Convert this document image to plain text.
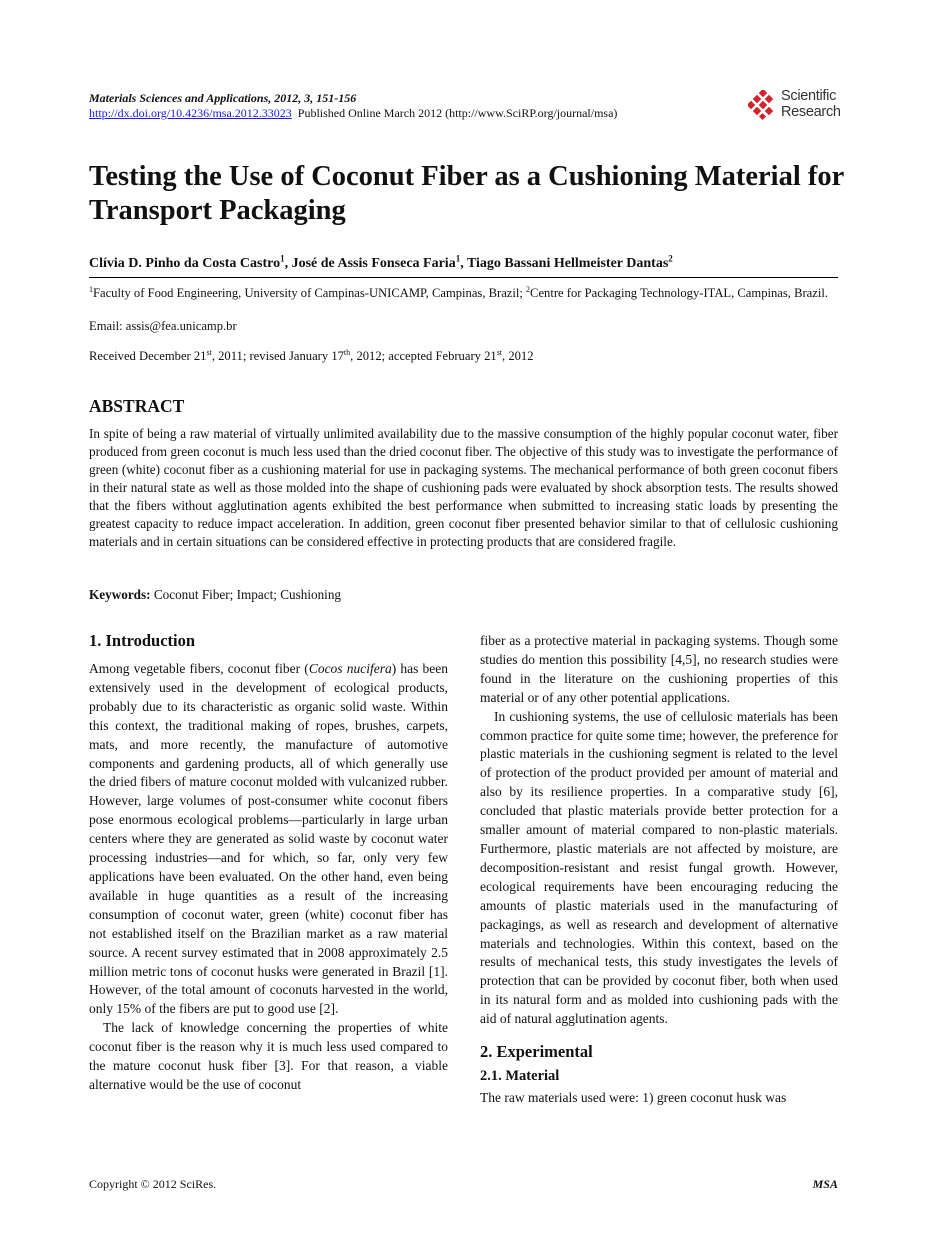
Materials Sciences and Applications, 2012, 3, 151-156
http://dx.doi.org/10.4236/msa.2012.33023 Published Online March 2012 (http://www.SciRP.org/journal/msa)
Scientific
Research
Testing the Use of Coconut Fiber as a Cushioning Material for Transport Packaging
Clívia D. Pinho da Costa Castro$^1$, José de Assis Fonseca Faria$^1$, Tiago Bassani Hellmeister Dantas$^2$
$^1$Faculty of Food Engineering, University of Campinas-UNICAMP, Campinas, Brazil; $^2$Centre for Packaging Technology-ITAL, Campinas, Brazil.
Email: assis@fea.unicamp.br
Received December 21st, 2011; revised January 17th, 2012; accepted February 21st, 2012
ABSTRACT
In spite of being a raw material of virtually unlimited availability due to the massive consumption of the highly popular coconut water, fiber produced from green coconut is much less used than the dried coconut fiber. The objective of this study was to investigate the performance of green (white) coconut fiber as a cushioning material for use in packaging systems. The mechanical performance of both green coconut fibers in their natural state as well as those molded into the shape of cushioning pads were evaluated by shock absorption tests. The results showed that the fibers without agglutination agents exhibited the best performance when submitted to increasing static loads by presenting the greatest capacity to reduce impact acceleration. In addition, green coconut fiber presented behavior similar to that of cellulosic cushioning materials and in certain situations can be considered effective in protecting products that are considered fragile.
Keywords: Coconut Fiber; Impact; Cushioning
1. Introduction

Among vegetable fibers, coconut fiber (Cocos nucifera) has been extensively used in the development of ecological products, probably due to its characteristic as organic solid waste. Within this context, the traditional making of ropes, brushes, carpets, mats, and more recently, the manufacture of automotive components and gardening products, all of which generally use the dried fibers of mature coconut molded with vulcanized rubber. However, large volumes of post-consumer white coconut fibers pose enormous ecological problems—particularly in large urban centers where they are generated as solid waste by coconut water processing industries—and for which, so far, only very few applications have been evaluated. On the other hand, even being available in huge quantities as a result of the increasing consumption of coconut water, green (white) coconut fiber has not established itself on the Brazilian market as a raw material source. A recent survey estimated that in 2008 approximately 2.5 million metric tons of coconut husks were generated in Brazil [1]. However, of the total amount of coconuts harvested in the world, only 15% of the fibers are put to good use [2].

The lack of knowledge concerning the properties of white coconut fiber is the reason why it is much less used compared to the mature coconut husk fiber [3]. For that reason, a viable alternative would be the use of coconut

fiber as a protective material in packaging systems. Though some studies do mention this possibility [4,5], no research studies were found in the literature on the cushioning properties of this material or of any other potential applications.

In cushioning systems, the use of cellulosic materials has been common practice for quite some time; however, the preference for plastic materials in the cushioning segment is related to the level of protection of the product provided per amount of material and also by its resilience properties. In a comparative study [6], concluded that plastic materials provide better protection for a smaller amount of material compared to non-plastic materials. Furthermore, plastic materials are not affected by moisture, are decomposition-resistant and resist fungal growth. However, ecological requirements have been encouraging reducing the amounts of plastic materials used in the manufacturing of packagings, as well as research and development of alternative materials and technologies. Within this context, based on the results of mechanical tests, this study investigates the levels of protection that can be provided by coconut fiber, both when used in its natural form and as molded into cushioning pads with the aid of natural agglutination agents.

2. Experimental
2.1. Material

The raw materials used were: 1) green coconut husk was

Copyright © 2012 SciRes.	MSA
